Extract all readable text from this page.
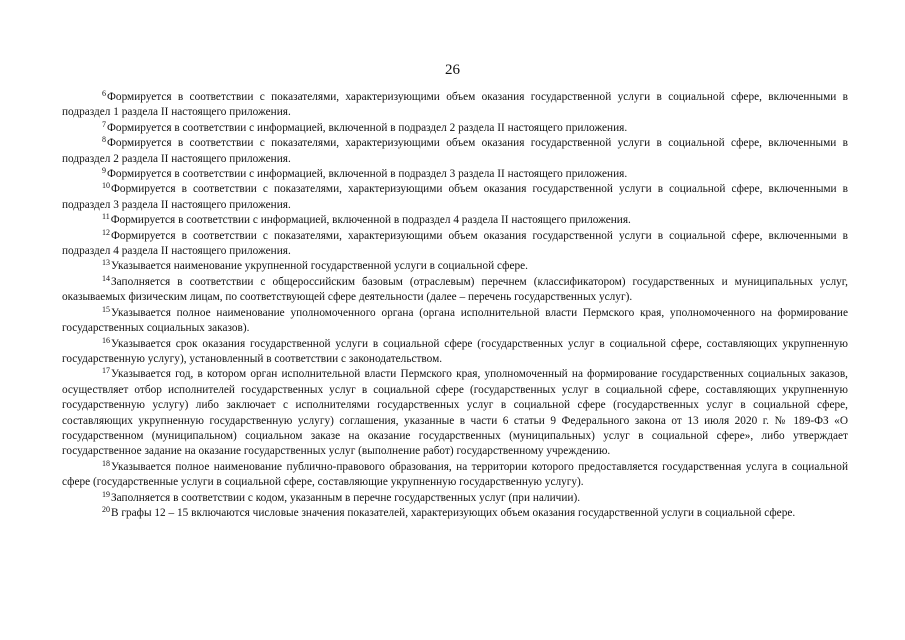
26

$^6$Формируется в соответствии с показателями, характеризующими объем оказания государственной услуги в социальной сфере, включенными в подраздел 1 раздела II настоящего приложения.

$^7$Формируется в соответствии с информацией, включенной в подраздел 2 раздела II настоящего приложения.

$^8$Формируется в соответствии с показателями, характеризующими объем оказания государственной услуги в социальной сфере, включенными в подраздел 2 раздела II настоящего приложения.

$^9$Формируется в соответствии с информацией, включенной в подраздел 3 раздела II настоящего приложения.

$^{10}$Формируется в соответствии с показателями, характеризующими объем оказания государственной услуги в социальной сфере, включенными в подраздел 3 раздела II настоящего приложения.

$^{11}$Формируется в соответствии с информацией, включенной в подраздел 4 раздела II настоящего приложения.

$^{12}$Формируется в соответствии с показателями, характеризующими объем оказания государственной услуги в социальной сфере, включенными в подраздел 4 раздела II настоящего приложения.

$^{13}$Указывается наименование укрупненной государственной услуги в социальной сфере.

$^{14}$Заполняется в соответствии с общероссийским базовым (отраслевым) перечнем (классификатором) государственных и муниципальных услуг, оказываемых физическим лицам, по соответствующей сфере деятельности (далее – перечень государственных услуг).

$^{15}$Указывается полное наименование уполномоченного органа (органа исполнительной власти Пермского края, уполномоченного на формирование государственных социальных заказов).

$^{16}$Указывается срок оказания государственной услуги в социальной сфере (государственных услуг в социальной сфере, составляющих укрупненную государственную услугу), установленный в соответствии с законодательством.

$^{17}$Указывается год, в котором орган исполнительной власти Пермского края, уполномоченный на формирование государственных социальных заказов, осуществляет отбор исполнителей государственных услуг в социальной сфере (государственных услуг в социальной сфере, составляющих укрупненную государственную услугу) либо заключает с исполнителями государственных услуг в социальной сфере (государственных услуг в социальной сфере, составляющих укрупненную государственную услугу) соглашения, указанные в части 6 статьи 9 Федерального закона от 13 июля 2020 г. № 189-ФЗ «О государственном (муниципальном) социальном заказе на оказание государственных (муниципальных) услуг в социальной сфере», либо утверждает государственное задание на оказание государственных услуг (выполнение работ) государственному учреждению.

$^{18}$Указывается полное наименование публично-правового образования, на территории которого предоставляется государственная услуга в социальной сфере (государственные услуги в социальной сфере, составляющие укрупненную государственную услугу).

$^{19}$Заполняется в соответствии с кодом, указанным в перечне государственных услуг (при наличии).

$^{20}$В графы 12 – 15 включаются числовые значения показателей, характеризующих объем оказания государственной услуги в социальной сфере.
